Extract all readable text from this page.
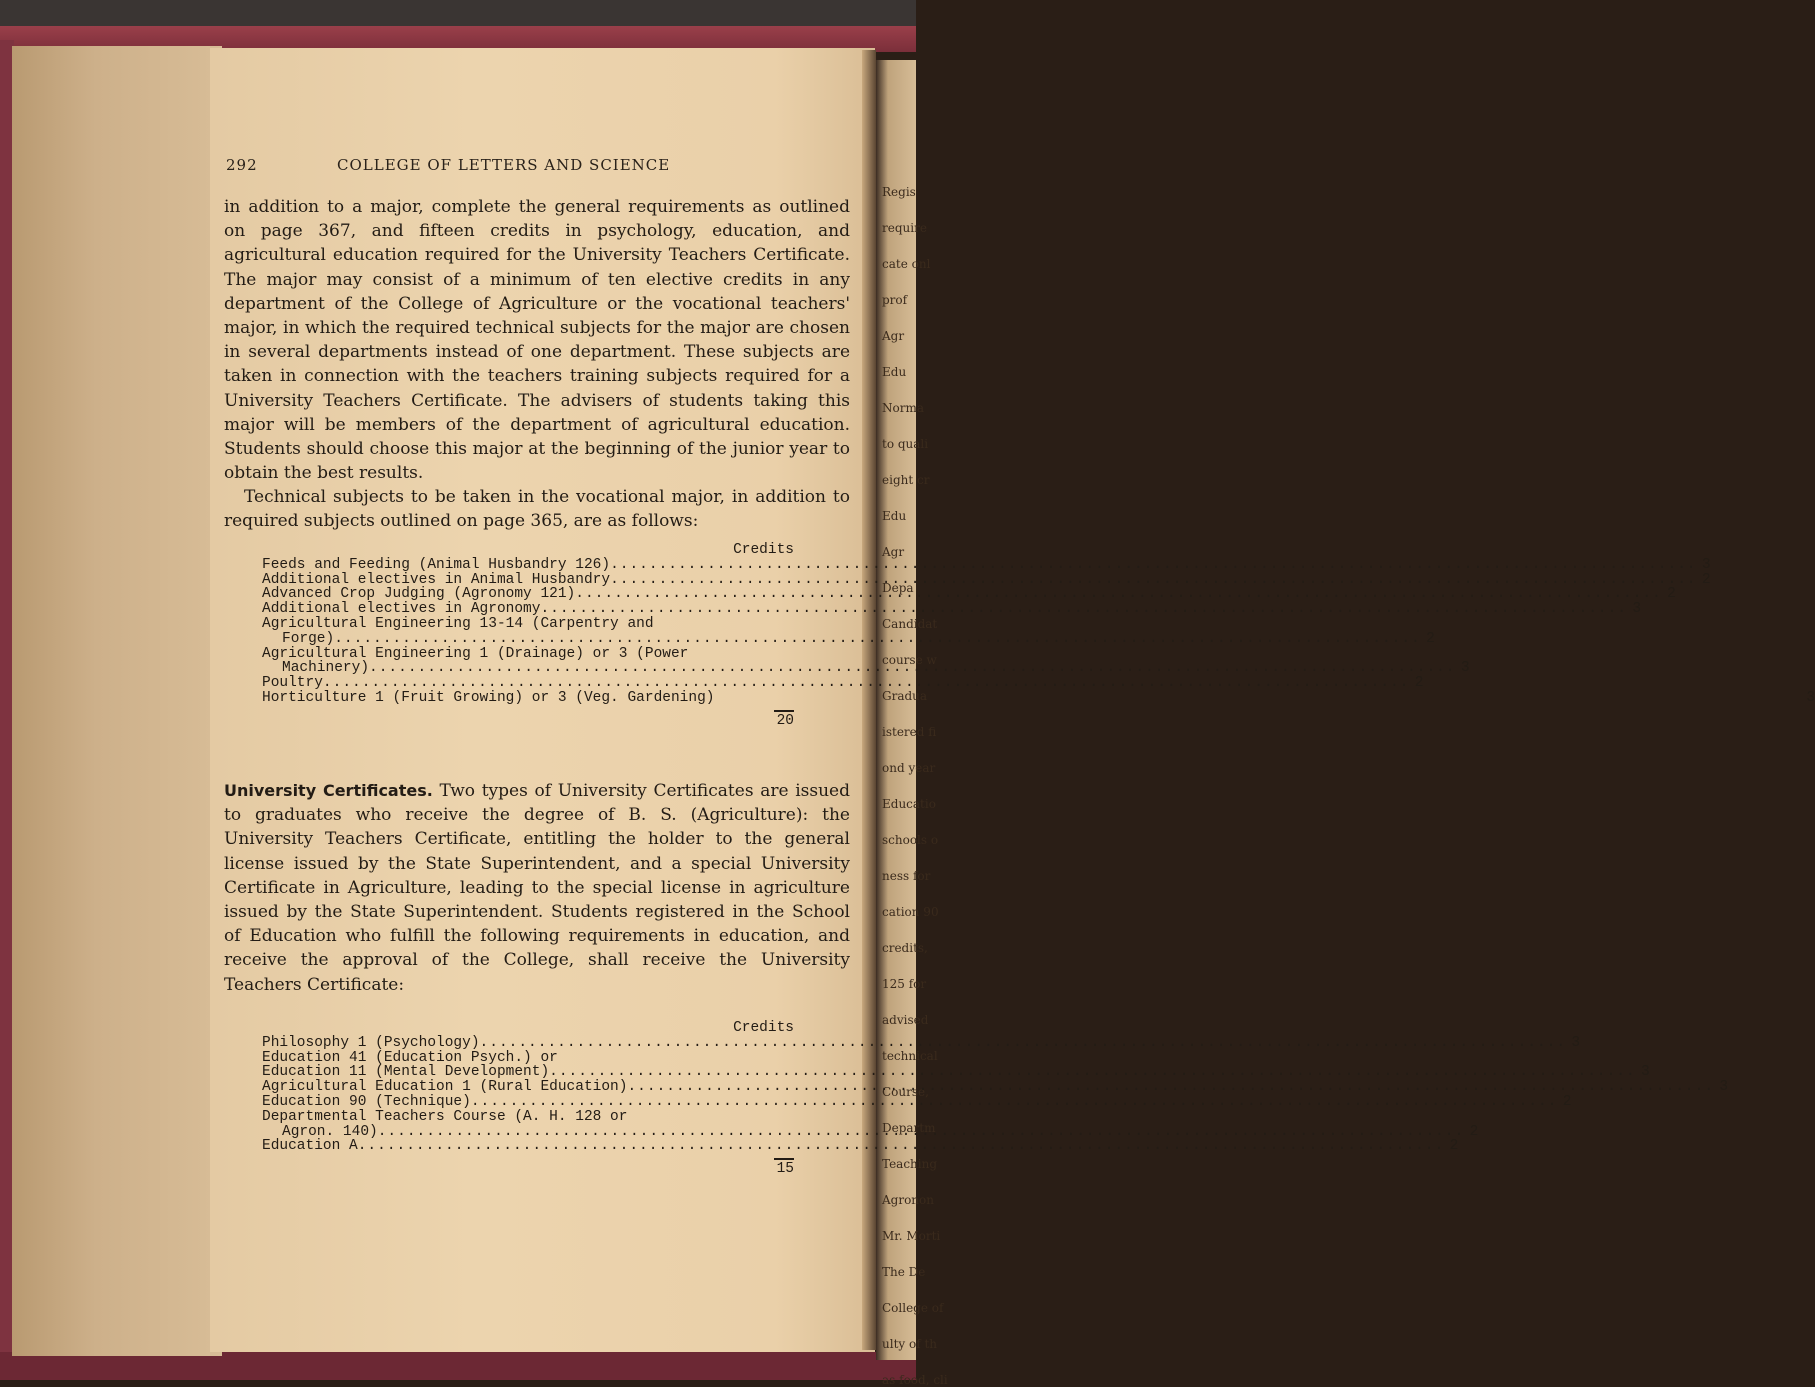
Regis
require
cate onl
prof
Agr
Edu
Norma
to quali
eight cr
Edu
Agr
Depa
Candidat
course w
Gradua
istered fi
ond year
Educatio
schools o
ness for
cation 90
credits,
125 for
advised
technical
Course,
Departm
Teaching
Agronon
Mr. Morti
The De
College of
ulty of th
as food, cli
292	COLLEGE OF LETTERS AND SCIENCE
in addition to a major, complete the general requirements as outlined on page 367, and fifteen credits in psychology, education, and agricultural education required for the University Teachers Certificate. The major may consist of a minimum of ten elective credits in any department of the College of Agriculture or the vocational teachers' major, in which the required technical subjects for the major are chosen in several departments instead of one department. These subjects are taken in connection with the teachers training subjects required for a University Teachers Certificate. The advisers of students taking this major will be members of the department of agricultural education. Students should choose this major at the beginning of the junior year to obtain the best results.
Technical subjects to be taken in the vocational major, in addition to required subjects outlined on page 365, are as follows:
Credits
Feeds and Feeding (Animal Husbandry 126) .....	3
Additional electives in Animal Husbandry .....	2
Advanced Crop Judging (Agronomy 121) .....	2
Additional electives in Agronomy .....	3
Agricultural Engineering 13-14 (Carpentry and
Forge) .....	2
Agricultural Engineering 1 (Drainage) or 3 (Power
Machinery) .....	3
Poultry .....	2
Horticulture 1 (Fruit Growing) or 3 (Veg. Gardening)	3
20
University Certificates. Two types of University Certificates are issued to graduates who receive the degree of B. S. (Agriculture): the University Teachers Certificate, entitling the holder to the general license issued by the State Superintendent, and a special University Certificate in Agriculture, leading to the special license in agriculture issued by the State Superintendent. Students registered in the School of Education who fulfill the following requirements in education, and receive the approval of the College, shall receive the University Teachers Certificate:
Credits
Philosophy 1 (Psychology) .....	3
Education 41 (Education Psych.) or
Education 11 (Mental Development) .....	3
Agricultural Education 1 (Rural Education) .....	3
Education 90 (Technique) .....	2
Departmental Teachers Course (A. H. 128 or
Agron. 140) .....	2
Education A .....	2
15
